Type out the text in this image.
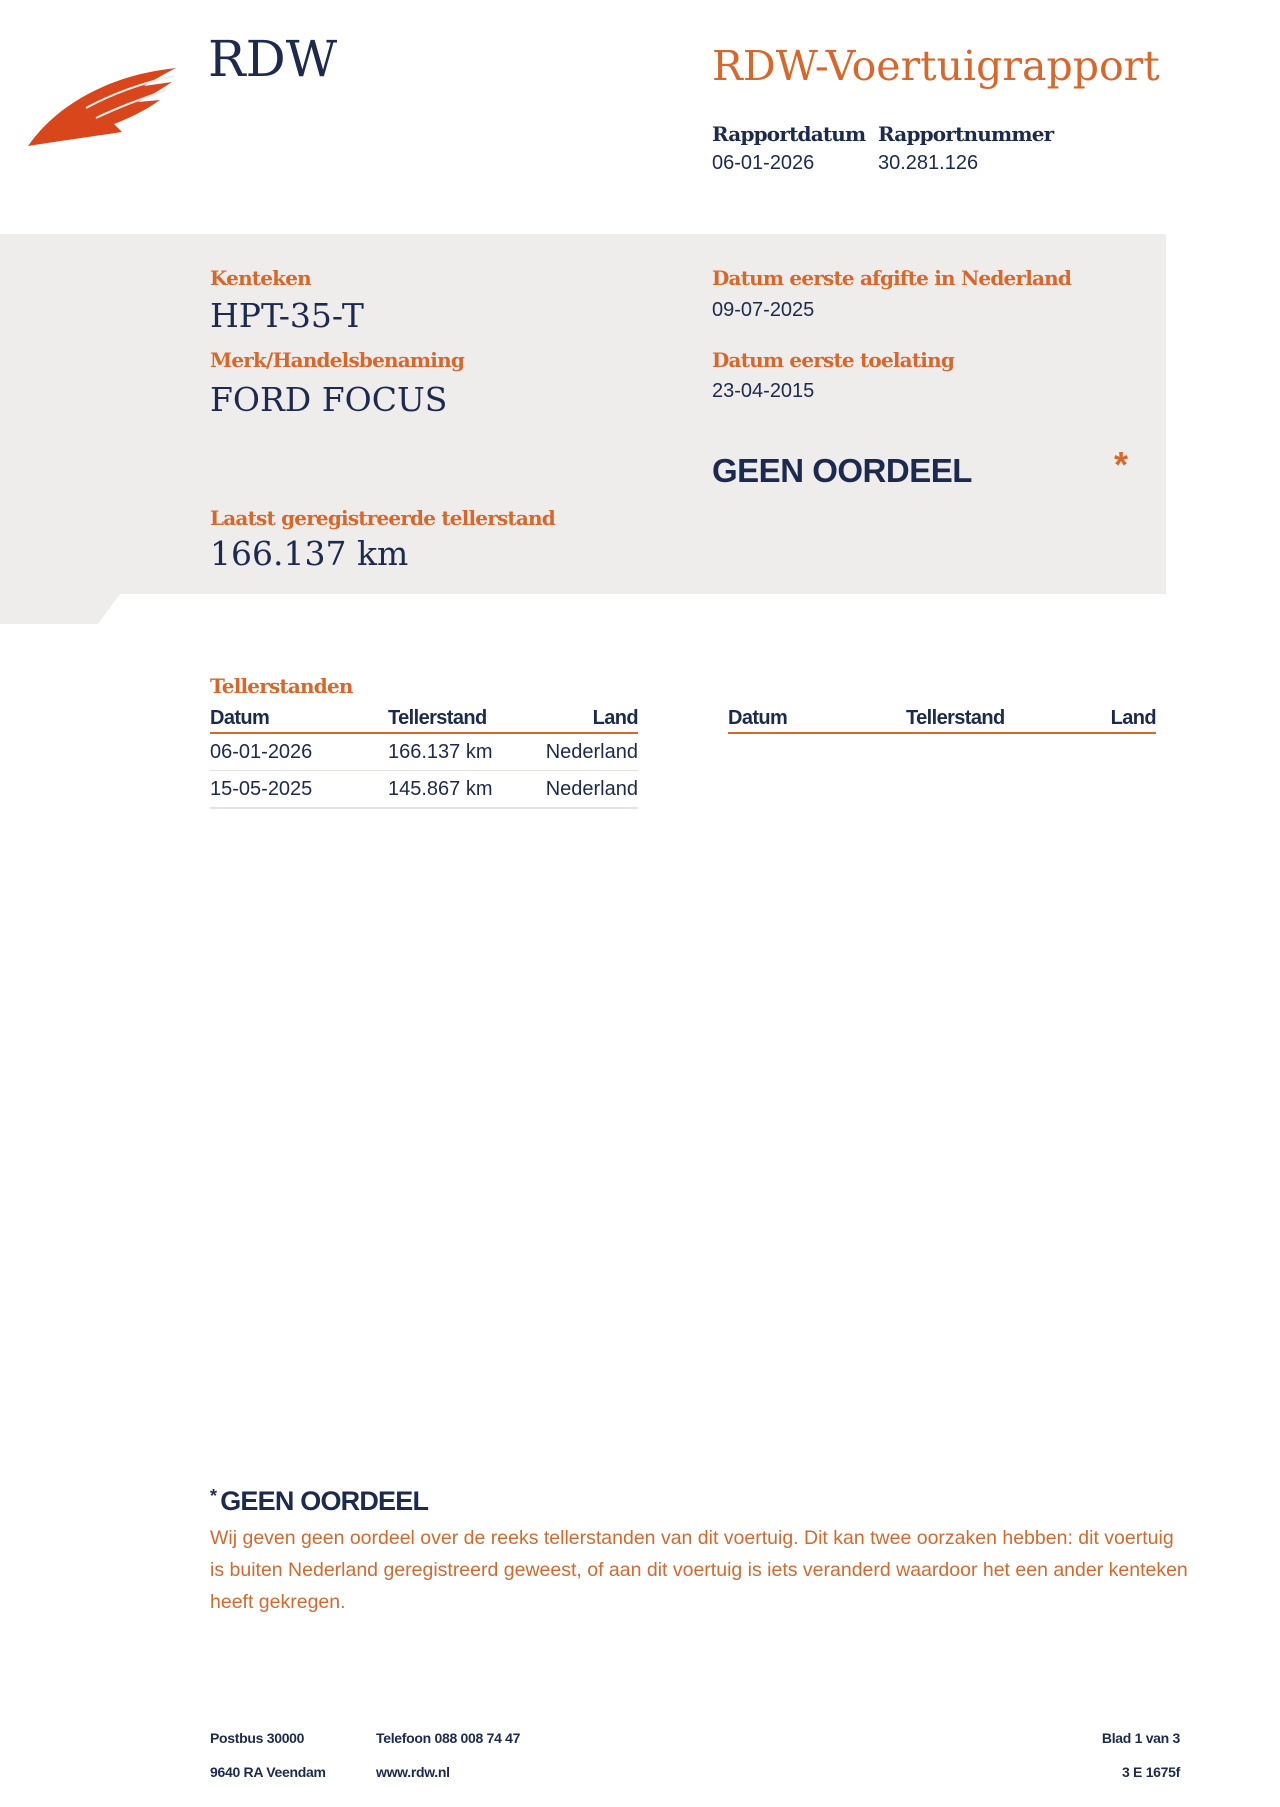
RDW	RDW-Voertuigrapport
Rapportdatum
06-01-2026
Rapportnummer
30.281.126
Kenteken
HPT-35-T
Merk/Handelsbenaming
FORD FOCUS
Datum eerste afgifte in Nederland
09-07-2025
Datum eerste toelating
23-04-2015
GEEN OORDEEL	*
Laatst geregistreerde tellerstand
166.137 km
Tellerstanden
Datum	Tellerstand	Land
06-01-2026	166.137 km	Nederland
15-05-2025	145.867 km	Nederland
Datum	Tellerstand	Land
* GEEN OORDEEL
Wij geven geen oordeel over de reeks tellerstanden van dit voertuig. Dit kan twee oorzaken hebben: dit voertuig is buiten Nederland geregistreerd geweest, of aan dit voertuig is iets veranderd waardoor het een ander kenteken heeft gekregen.
Postbus 30000
9640 RA Veendam
Telefoon 088 008 74 47
www.rdw.nl
Blad 1 van 3
3 E 1675f
